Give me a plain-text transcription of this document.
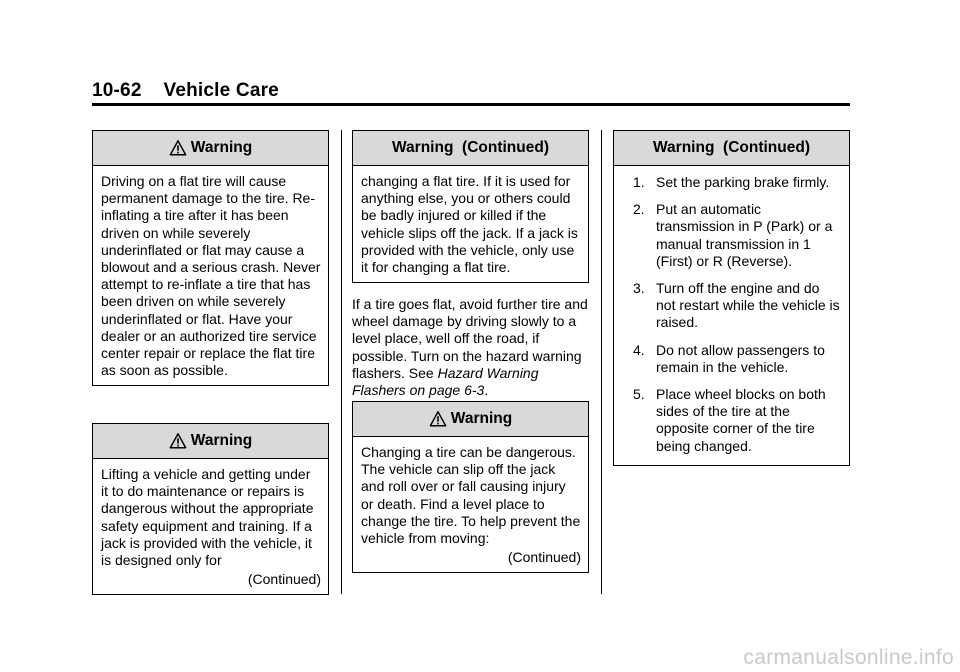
10-62 Vehicle Care
Warning
Driving on a flat tire will cause permanent damage to the tire. Re-inflating a tire after it has been driven on while severely underinflated or flat may cause a blowout and a serious crash. Never attempt to re-inflate a tire that has been driven on while severely underinflated or flat. Have your dealer or an authorized tire service center repair or replace the flat tire as soon as possible.
Warning
Lifting a vehicle and getting under it to do maintenance or repairs is dangerous without the appropriate safety equipment and training. If a jack is provided with the vehicle, it is designed only for
(Continued)
Warning  (Continued)
changing a flat tire. If it is used for anything else, you or others could be badly injured or killed if the vehicle slips off the jack. If a jack is provided with the vehicle, only use it for changing a flat tire.
If a tire goes flat, avoid further tire and wheel damage by driving slowly to a level place, well off the road, if possible. Turn on the hazard warning flashers. See Hazard Warning Flashers on page 6-3.
Warning
Changing a tire can be dangerous. The vehicle can slip off the jack and roll over or fall causing injury or death. Find a level place to change the tire. To help prevent the vehicle from moving:
(Continued)
Warning  (Continued)
1. Set the parking brake firmly.
2. Put an automatic transmission in P (Park) or a manual transmission in 1 (First) or R (Reverse).
3. Turn off the engine and do not restart while the vehicle is raised.
4. Do not allow passengers to remain in the vehicle.
5. Place wheel blocks on both sides of the tire at the opposite corner of the tire being changed.
carmanualsonline.info
